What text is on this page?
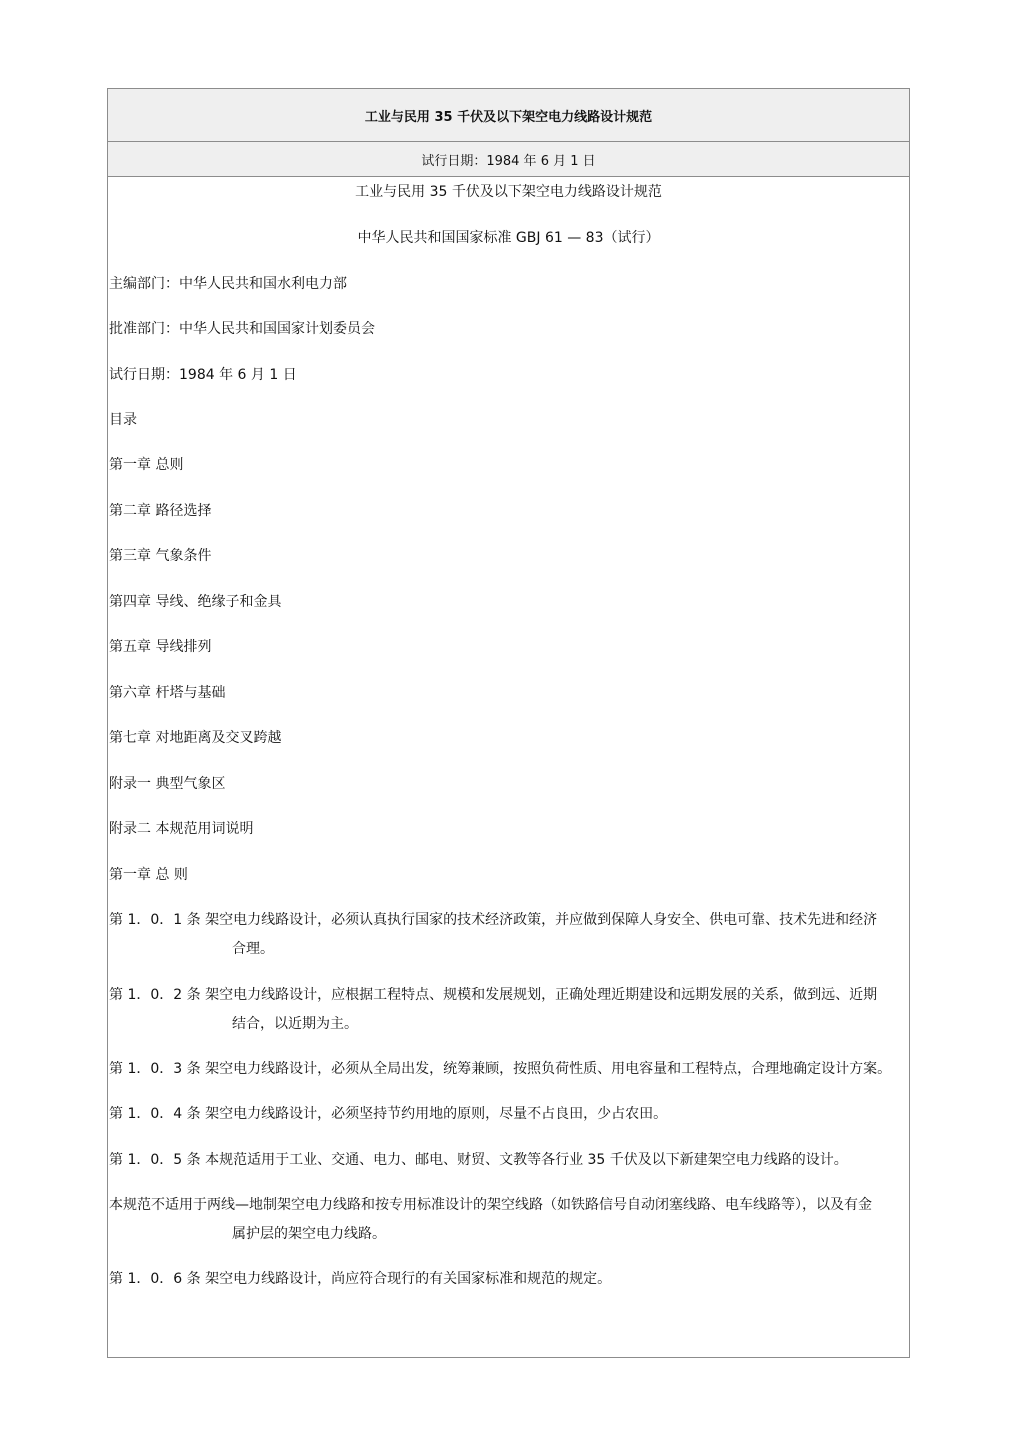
工业与民用 35 千伏及以下架空电力线路设计规范
试行日期：1984 年 6 月 1 日
工业与民用 35 千伏及以下架空电力线路设计规范
中华人民共和国国家标准 GBJ 61 — 83（试行）
主编部门：中华人民共和国水利电力部
批准部门：中华人民共和国国家计划委员会
试行日期：1984 年 6 月 1 日
目录
第一章 总则
第二章 路径选择
第三章 气象条件
第四章 导线、绝缘子和金具
第五章 导线排列
第六章 杆塔与基础
第七章 对地距离及交叉跨越
附录一 典型气象区
附录二 本规范用词说明
第一章 总 则
第 1．0．1 条 架空电力线路设计，必须认真执行国家的技术经济政策，并应做到保障人身安全、供电可靠、技术先进和经济
合理。
第 1．0．2 条 架空电力线路设计，应根据工程特点、规模和发展规划，正确处理近期建设和远期发展的关系，做到远、近期
结合，以近期为主。
第 1．0．3 条 架空电力线路设计，必须从全局出发，统筹兼顾，按照负荷性质、用电容量和工程特点，合理地确定设计方案。
第 1．0．4 条 架空电力线路设计，必须坚持节约用地的原则，尽量不占良田，少占农田。
第 1．0．5 条 本规范适用于工业、交通、电力、邮电、财贸、文教等各行业 35 千伏及以下新建架空电力线路的设计。
本规范不适用于两线—地制架空电力线路和按专用标准设计的架空线路（如铁路信号自动闭塞线路、电车线路等），以及有金
属护层的架空电力线路。
第 1．0．6 条 架空电力线路设计，尚应符合现行的有关国家标准和规范的规定。
